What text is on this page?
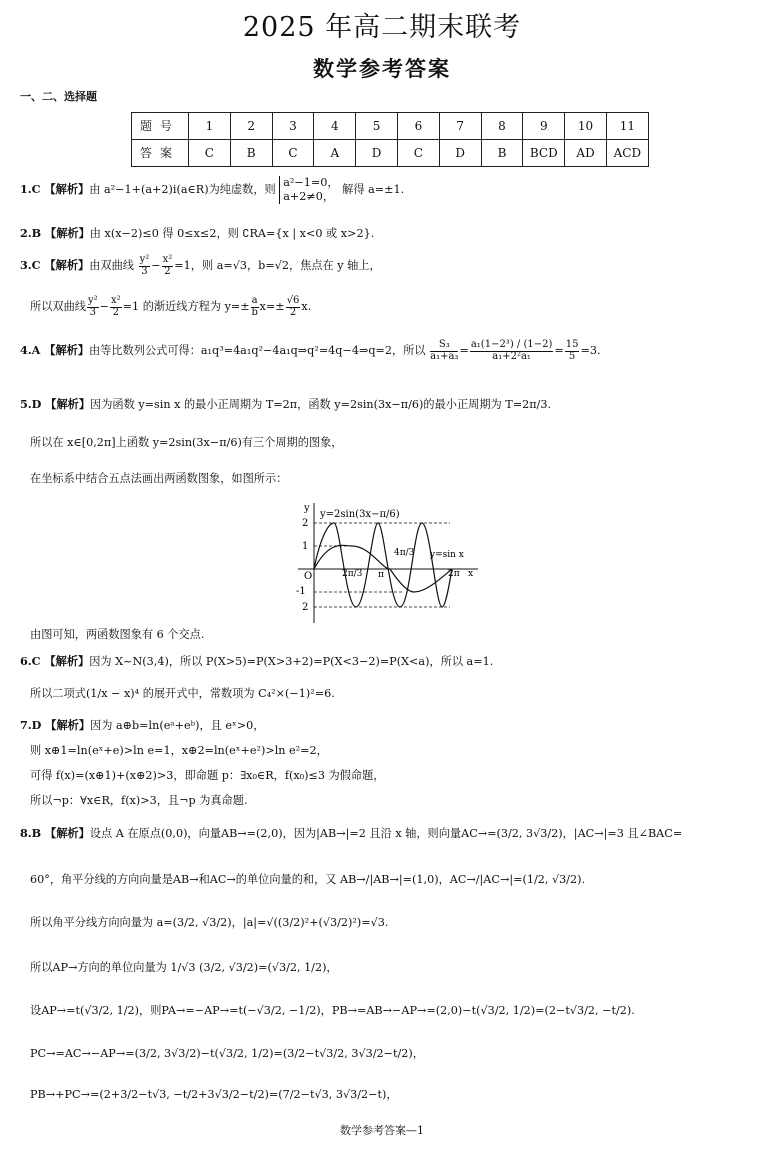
2025 年高二期末联考
数学参考答案
一、二、选择题
题号	1	2	3	4	5	6	7	8	9	10	11
答案	C	B	C	A	D	C	D	B	BCD	AD	ACD
1.C 【解析】由 a²−1+(a+2)i(a∈R)为纯虚数，则 a²−1=0，
a+2≠0， 解得 a=±1.
2.B 【解析】由 x(x−2)≤0 得 0≤x≤2，则 ∁RA={x | x<0 或 x>2}.
3.C 【解析】由双曲线 $\frac{\text{y²}}{3} - \frac{\text{x²}}{2} =1$，则 a=√3，b=√2，焦点在 y 轴上，
所以双曲线 $\frac{\text{y²}}{3} - \frac{\text{x²}}{2} =1$ 的渐近线方程为 $y=\pm \frac{a}{b} x=\pm \frac{√6}{2} x$.
4.A 【解析】由等比数列公式可得：a₁q³=4a₁q²−4a₁q⇒q²=4q−4⇒q=2，所以 $\frac{\text{S₃}}{\text{a₁+a₃}} = \frac{\text{a₁(1−2³) / (1−2)}}{\text{a₁+2²a₁}} = \frac{15}{5} =3$.
5.D 【解析】因为函数 y=sin x 的最小正周期为 T=2π，函数 y=2sin(3x−π/6)的最小正周期为 T=2π/3.
所以在 x∈[0,2π]上函数 y=2sin(3x−π/6)有三个周期的图象，
在坐标系中结合五点法画出两函数图象，如图所示：
y
y=2sin(3x−π/6)
y=sin x
2
1
-1
2
O	2π/3 π
4π/3
2π x
由图可知，两函数图象有 6 个交点.
6.C 【解析】因为 X~N(3,4)，所以 P(X>5)=P(X>3+2)=P(X<3−2)=P(X<a)，所以 a=1.
所以二项式(1/x − x)⁴ 的展开式中，常数项为 C₄²×(−1)²=6.
7.D 【解析】因为 a⊕b=ln(eᵃ+eᵇ)，且 eˣ>0，
则 x⊕1=ln(eˣ+e)>ln e=1，x⊕2=ln(eˣ+e²)>ln e²=2，
可得 f(x)=(x⊕1)+(x⊕2)>3，即命题 p：∃x₀∈R，f(x₀)≤3 为假命题，
所以¬p：∀x∈R，f(x)>3，且¬p 为真命题.
8.B 【解析】设点 A 在原点(0,0)，向量AB→=(2,0)，因为|AB→|=2 且沿 x 轴，则向量AC→=(3/2, 3√3/2)，|AC→|=3 且∠BAC=
60°，角平分线的方向向量是AB→和AC→的单位向量的和，又 AB→/|AB→|=(1,0)，AC→/|AC→|=(1/2, √3/2).
所以角平分线方向向量为 a=(3/2, √3/2)，|a|=√((3/2)²+(√3/2)²)=√3.
所以AP→方向的单位向量为 1/√3 (3/2, √3/2)=(√3/2, 1/2)，
设AP→=t(√3/2, 1/2)，则PA→=−AP→=t(−√3/2, −1/2)，PB→=AB→−AP→=(2,0)−t(√3/2, 1/2)=(2−t√3/2, −t/2).
PC→=AC→−AP→=(3/2, 3√3/2)−t(√3/2, 1/2)=(3/2−t√3/2, 3√3/2−t/2)，
PB→+PC→=(2+3/2−t√3, −t/2+3√3/2−t/2)=(7/2−t√3, 3√3/2−t)，
数学参考答案—1
